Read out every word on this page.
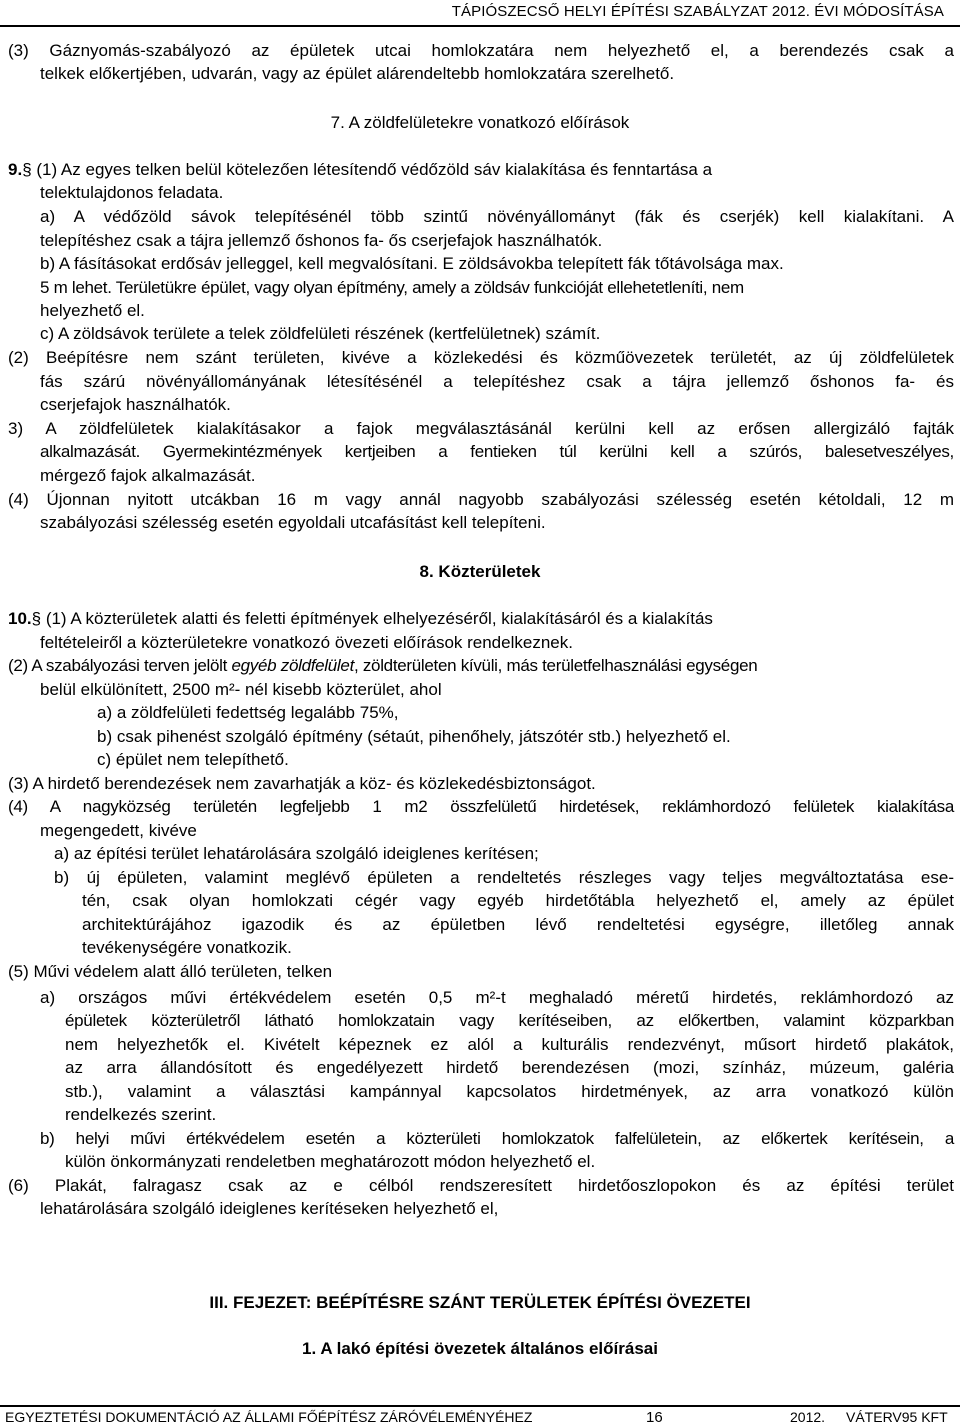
TÁPIÓSZECSŐ HELYI ÉPÍTÉSI SZABÁLYZAT 2012. ÉVI MÓDOSÍTÁSA
(3) Gáznyomás-szabályozó az épületek utcai homlokzatára nem helyezhető el, a berendezés csak a
telkek előkertjében, udvarán, vagy az épület alárendeltebb homlokzatára szerelhető.
7. A zöldfelületekre vonatkozó előírások
9.§ (1) Az egyes telken belül kötelezően létesítendő védőzöld sáv kialakítása és fenntartása a
telektulajdonos feladata.
a) A védőzöld sávok telepítésénél több szintű növényállományt (fák és cserjék) kell kialakítani. A
telepítéshez csak a tájra jellemző őshonos fa- ős cserjefajok használhatók.
b) A fásításokat erdősáv jelleggel, kell megvalósítani. E zöldsávokba telepített fák tőtávolsága max.
5 m lehet. Területükre épület, vagy olyan építmény, amely a zöldsáv funkcióját ellehetetleníti, nem
helyezhető el.
c) A zöldsávok területe a telek zöldfelületi részének (kertfelületnek) számít.
(2) Beépítésre nem szánt területen, kivéve a közlekedési és közműövezetek területét, az új zöldfelületek
fás szárú növényállományának létesítésénél a telepítéshez csak a tájra jellemző őshonos fa- és
cserjefajok használhatók.
3) A zöldfelületek kialakításakor a fajok megválasztásánál kerülni kell az erősen allergizáló fajták
alkalmazását. Gyermekintézmények kertjeiben a fentieken túl kerülni kell a szúrós, balesetveszélyes,
mérgező fajok alkalmazását.
(4) Újonnan nyitott utcákban 16 m vagy annál nagyobb szabályozási szélesség esetén kétoldali, 12 m
szabályozási szélesség esetén egyoldali utcafásítást kell telepíteni.
8. Közterületek
10.§ (1) A közterületek alatti és feletti építmények elhelyezéséről, kialakításáról és a kialakítás
feltételeiről a közterületekre vonatkozó övezeti előírások rendelkeznek.
(2) A szabályozási terven jelölt egyéb zöldfelület, zöldterületen kívüli, más területfelhasználási egységen
belül elkülönített, 2500 m²- nél kisebb közterület, ahol
a) a zöldfelületi fedettség legalább 75%,
b) csak pihenést szolgáló építmény (sétaút, pihenőhely, játszótér stb.) helyezhető el.
c) épület nem telepíthető.
(3) A hirdető berendezések nem zavarhatják a köz- és közlekedésbiztonságot.
(4) A nagyközség területén legfeljebb 1 m2 összfelületű hirdetések, reklámhordozó felületek kialakítása
megengedett, kivéve
a) az építési terület lehatárolására szolgáló ideiglenes kerítésen;
b) új épületen, valamint meglévő épületen a rendeltetés részleges vagy teljes megváltoztatása ese-
tén, csak olyan homlokzati cégér vagy egyéb hirdetőtábla helyezhető el, amely az épület
architektúrájához igazodik és az épületben lévő rendeltetési egységre, illetőleg annak
tevékenységére vonatkozik.
(5) Művi védelem alatt álló területen, telken
a) országos művi értékvédelem esetén 0,5 m²-t meghaladó méretű hirdetés, reklámhordozó az
épületek közterületről látható homlokzatain vagy kerítéseiben, az előkertben, valamint közparkban
nem helyezhetők el. Kivételt képeznek ez alól a kulturális rendezvényt, műsort hirdető plakátok,
az arra állandósított és engedélyezett hirdető berendezésen (mozi, színház, múzeum, galéria
stb.), valamint a választási kampánnyal kapcsolatos hirdetmények, az arra vonatkozó külön
rendelkezés szerint.
b) helyi művi értékvédelem esetén a közterületi homlokzatok falfelületein, az előkertek kerítésein, a
külön önkormányzati rendeletben meghatározott módon helyezhető el.
(6) Plakát, falragasz csak az e célból rendszeresített hirdetőoszlopokon és az építési terület
lehatárolására szolgáló ideiglenes kerítéseken helyezhető el,
III. FEJEZET: BEÉPÍTÉSRE SZÁNT TERÜLETEK ÉPÍTÉSI ÖVEZETEI
1. A lakó építési övezetek általános előírásai
EGYEZTETÉSI DOKUMENTÁCIÓ AZ ÁLLAMI FŐÉPÍTÉSZ ZÁRÓVÉLEMÉNYÉHEZ	16	2012. VÁTERV95 KFT
